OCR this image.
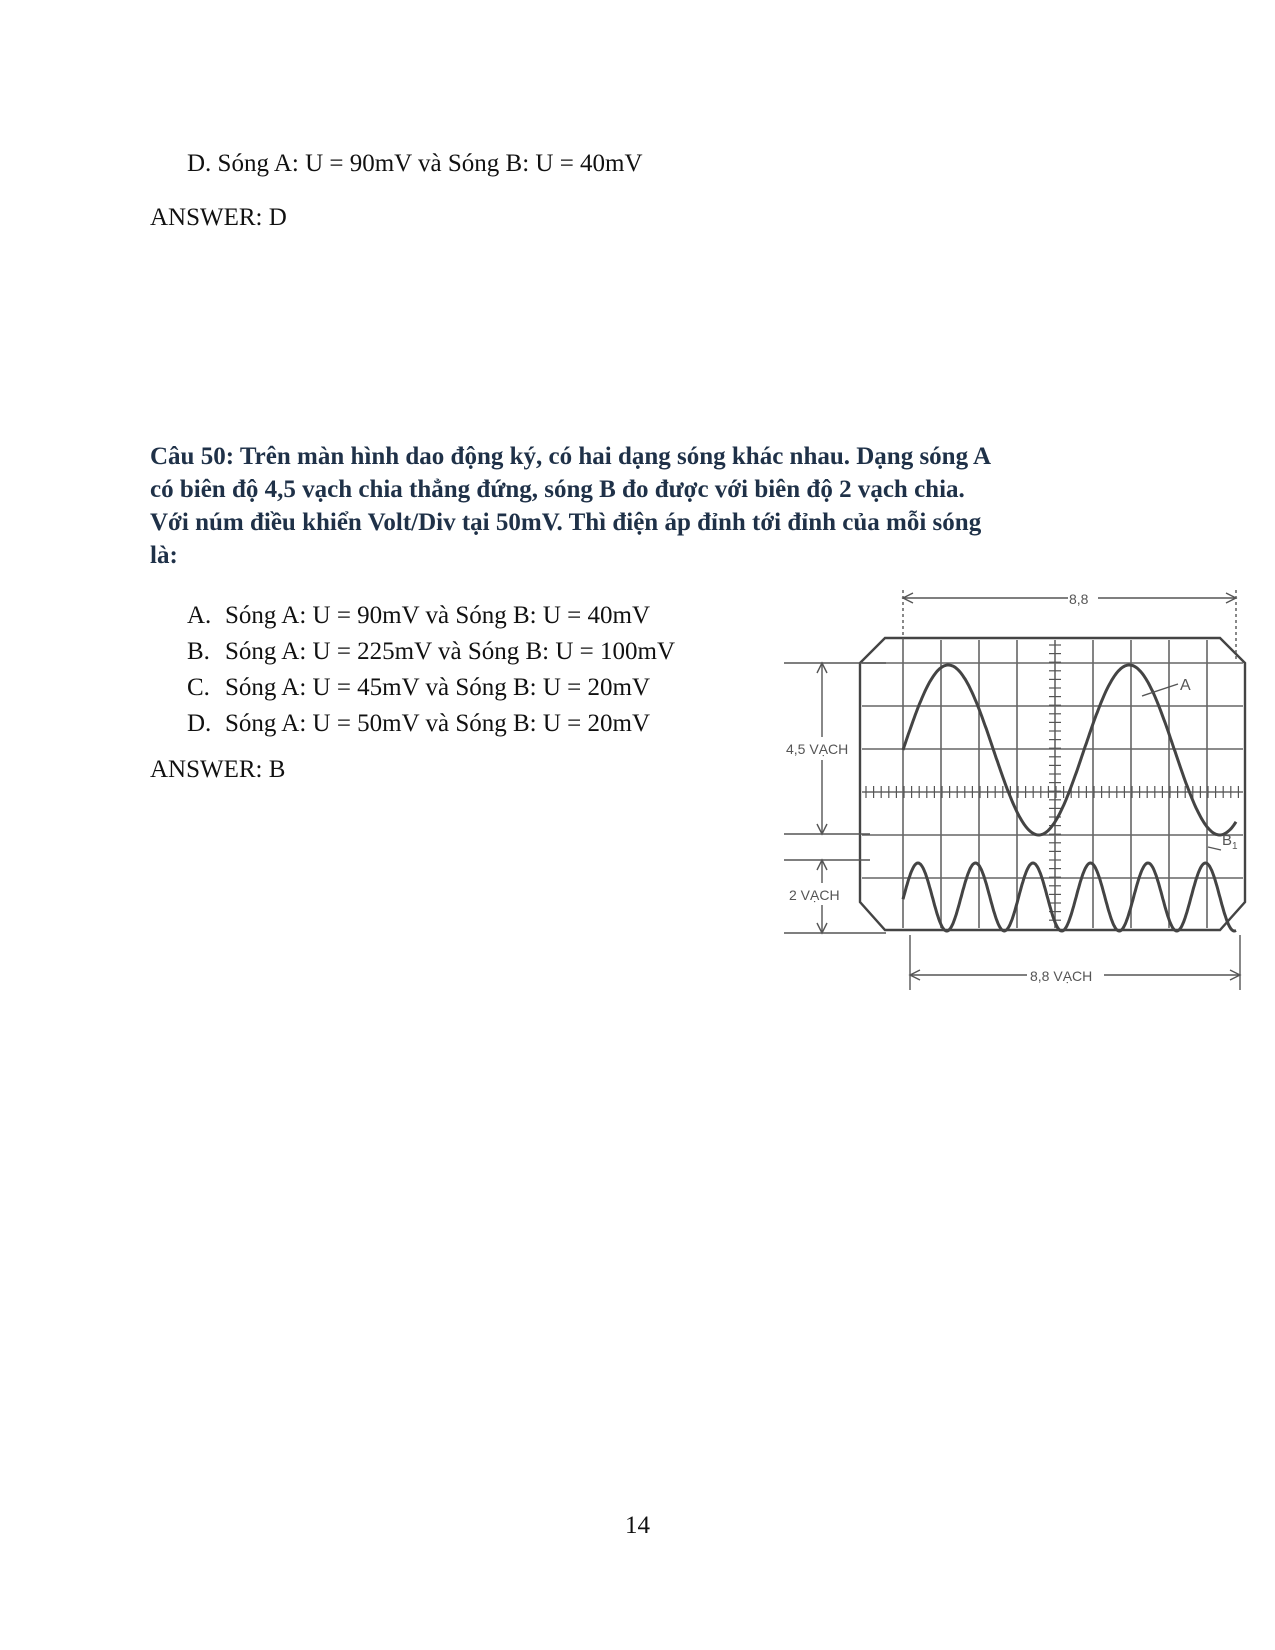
D. Sóng A: U = 90mV và Sóng B: U = 40mV
ANSWER: D

Câu 50: Trên màn hình dao động ký, có hai dạng sóng khác nhau. Dạng sóng A

có biên độ 4,5 vạch chia thẳng đứng, sóng B đo được với biên độ 2 vạch chia.

Với núm điều khiển Volt/Div tại 50mV. Thì điện áp đỉnh tới đỉnh của mỗi sóng

là:

A. Sóng A: U = 90mV và Sóng B: U = 40mV
B. Sóng A: U = 225mV và Sóng B: U = 100mV
C. Sóng A: U = 45mV và Sóng B: U = 20mV
D. Sóng A: U = 50mV và Sóng B: U = 20mV
ANSWER: B
8,8
4,5 VẠCH
2 VẠCH
8,8 VẠCH
A
$B_1$
14
